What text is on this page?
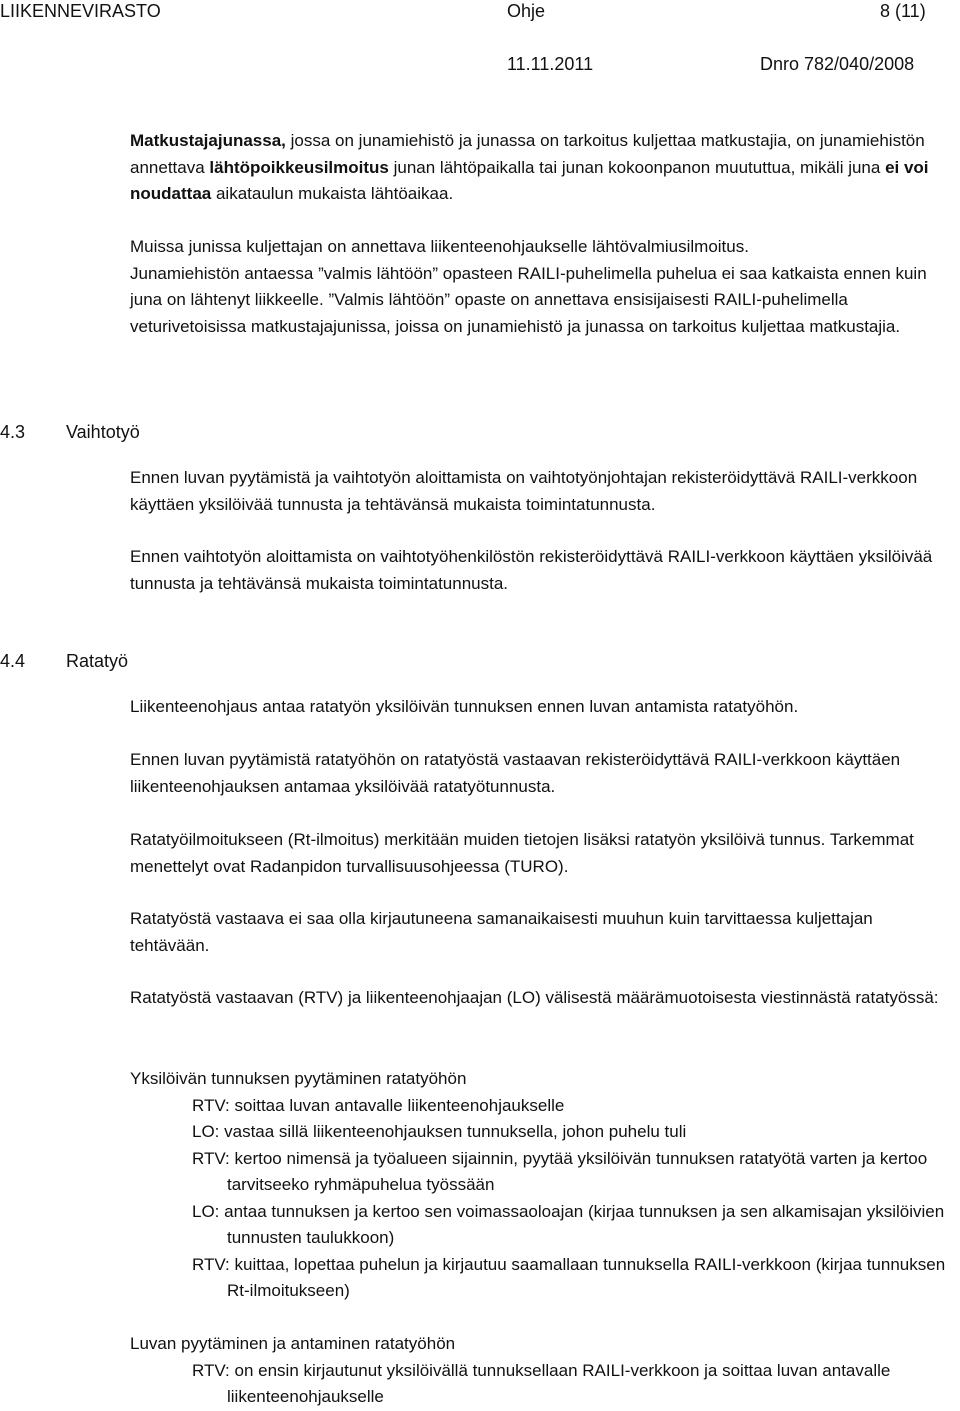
LIIKENNEVIRASTO	Ohje	8 (11)
11.11.2011	Dnro 782/040/2008

Matkustajajunassa, jossa on junamiehistö ja junassa on tarkoitus kuljettaa matkustajia, on junamiehistön annettava lähtöpoikkeusilmoitus junan lähtöpaikalla tai junan kokoonpanon muututtua, mikäli juna ei voi noudattaa aikataulun mukaista lähtöaikaa.

Muissa junissa kuljettajan on annettava liikenteenohjaukselle lähtövalmiusilmoitus.

Junamiehistön antaessa ”valmis lähtöön” opasteen RAILI-puhelimella puhelua ei saa katkaista ennen kuin juna on lähtenyt liikkeelle. ”Valmis lähtöön” opaste on annettava ensisijaisesti RAILI-puhelimella veturivetoisissa matkustajajunissa, joissa on junamiehistö ja junassa on tarkoitus kuljettaa matkustajia.

4.3 Vaihtotyö

Ennen luvan pyytämistä ja vaihtotyön aloittamista on vaihtotyönjohtajan rekisteröidyttävä RAILI-verkkoon käyttäen yksilöivää tunnusta ja tehtävänsä mukaista toimintatunnusta.

Ennen vaihtotyön aloittamista on vaihtotyöhenkilöstön rekisteröidyttävä RAILI-verkkoon käyttäen yksilöivää tunnusta ja tehtävänsä mukaista toimintatunnusta.

4.4 Ratatyö

Liikenteenohjaus antaa ratatyön yksilöivän tunnuksen ennen luvan antamista ratatyöhön.

Ennen luvan pyytämistä ratatyöhön on ratatyöstä vastaavan rekisteröidyttävä RAILI-verkkoon käyttäen liikenteenohjauksen antamaa yksilöivää ratatyötunnusta.

Ratatyöilmoitukseen (Rt-ilmoitus) merkitään muiden tietojen lisäksi ratatyön yksilöivä tunnus. Tarkemmat menettelyt ovat Radanpidon turvallisuusohjeessa (TURO).

Ratatyöstä vastaava ei saa olla kirjautuneena samanaikaisesti muuhun kuin tarvittaessa kuljettajan tehtävään.

Ratatyöstä vastaavan (RTV) ja liikenteenohjaajan (LO) välisestä määrämuotoisesta viestinnästä ratatyössä:

Yksilöivän tunnuksen pyytäminen ratatyöhön

RTV: soittaa luvan antavalle liikenteenohjaukselle

LO: vastaa sillä liikenteenohjauksen tunnuksella, johon puhelu tuli

RTV: kertoo nimensä ja työalueen sijainnin, pyytää yksilöivän tunnuksen ratatyötä varten ja kertoo tarvitseeko ryhmäpuhelua työssään

LO: antaa tunnuksen ja kertoo sen voimassaoloajan (kirjaa tunnuksen ja sen alkamisajan yksilöivien tunnusten taulukkoon)

RTV: kuittaa, lopettaa puhelun ja kirjautuu saamallaan tunnuksella RAILI-verkkoon (kirjaa tunnuksen Rt-ilmoitukseen)

Luvan pyytäminen ja antaminen ratatyöhön

RTV: on ensin kirjautunut yksilöivällä tunnuksellaan RAILI-verkkoon ja soittaa luvan antavalle liikenteenohjaukselle
